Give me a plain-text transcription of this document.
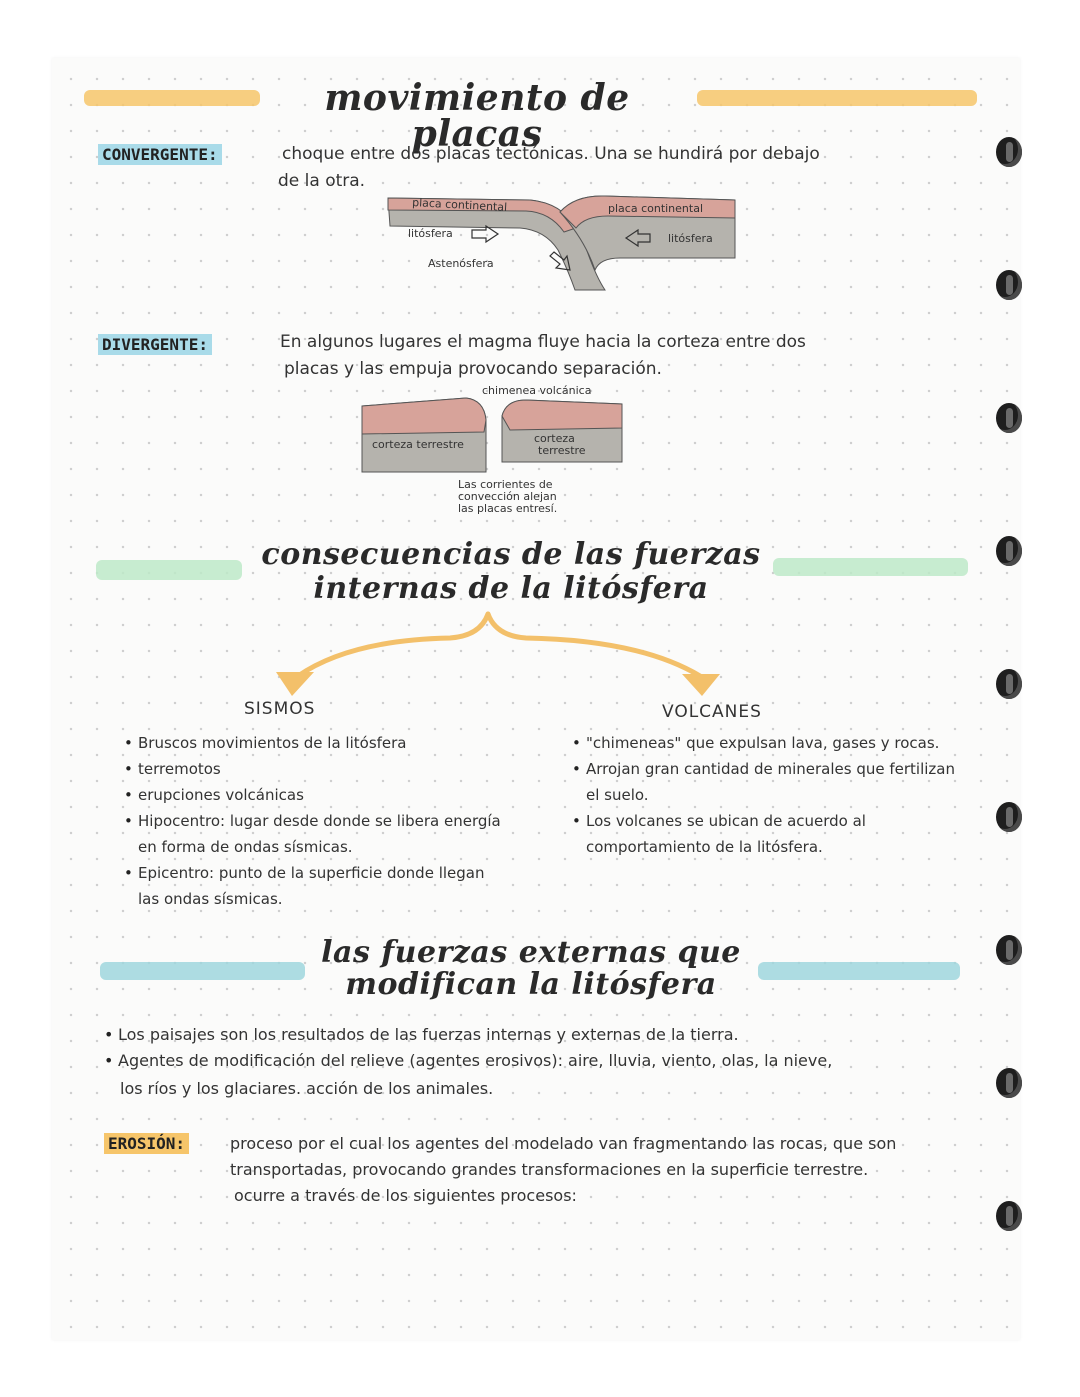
movimiento de placas
CONVERGENTE:	choque entre dos placas tectónicas. Una se hundirá por debajo
de la otra.
placa continental	placa continental
litósfera	litósfera
Astenósfera
DIVERGENTE:	En algunos lugares el magma fluye hacia la corteza entre dos
placas y las empuja provocando separación.
chimenea volcánica
corteza terrestre	corteza
terrestre
Las corrientes de
convección alejan
las placas entresí.
consecuencias de las fuerzas
internas de la litósfera
SISMOS
• Bruscos movimientos de la litósfera
• terremotos
• erupciones volcánicas
• Hipocentro: lugar desde donde se libera energía en forma de ondas sísmicas.
• Epicentro: punto de la superficie donde llegan las ondas sísmicas.
VOLCANES
• "chimeneas" que expulsan lava, gases y rocas.
• Arrojan gran cantidad de minerales que fertilizan el suelo.
• Los volcanes se ubican de acuerdo al comportamiento de la litósfera.
las fuerzas externas que
modifican la litósfera
• Los paisajes son los resultados de las fuerzas internas y externas de la tierra.
• Agentes de modificación del relieve (agentes erosivos): aire, lluvia, viento, olas, la nieve,
los ríos y los glaciares. acción de los animales.
EROSIÓN:	proceso por el cual los agentes del modelado van fragmentando las rocas, que son
transportadas, provocando grandes transformaciones en la superficie terrestre.
ocurre a través de los siguientes procesos:
